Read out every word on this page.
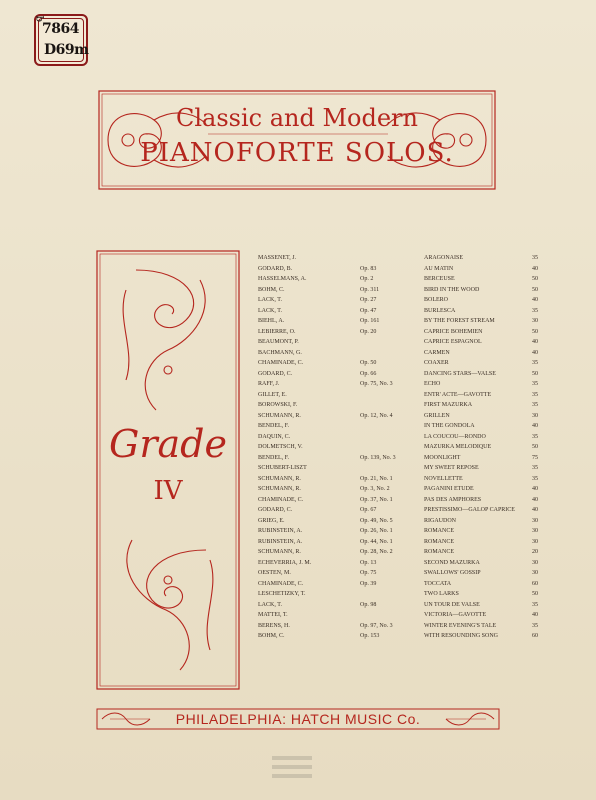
q
7864
D69m
Classic and Modern
PIANOFORTE SOLOS.
Grade
IV
MASSENET, J.	ARAGONAISE	35
GODARD, B.	Op. 83	AU MATIN	40
HASSELMANS, A.	Op. 2	BERCEUSE	50
BOHM, C.	Op. 311	BIRD IN THE WOOD	50
LACK, T.	Op. 27	BOLERO	40
LACK, T.	Op. 47	BURLESCA	35
BIEHL, A.	Op. 161	BY THE FOREST STREAM	30
LEBIERRE, O.	Op. 20	CAPRICE BOHÉMIEN	50
BEAUMONT, P.	CAPRICE ESPAGNOL	40
BACHMANN, G.	CARMEN	40
CHAMINADE, C.	Op. 50	COAXER	35
GODARD, C.	Op. 66	DANCING STARS—VALSE	50
RAFF, J.	Op. 75, No. 3	ECHO	35
GILLET, E.	ENTR' ACTE—GAVOTTE	35
BOROWSKI, F.	FIRST MAZURKA	35
SCHUMANN, R.	Op. 12, No. 4	GRILLEN	30
BENDEL, F.	IN THE GONDOLA	40
DAQUIN, C.	LA COUCOU—RONDO	35
DOLMETSCH, V.	MAZURKA MÉLODIQUE	50
BENDEL, F.	Op. 139, No. 3	MOONLIGHT	75
SCHUBERT-LISZT	MY SWEET REPOSE	35
SCHUMANN, R.	Op. 21, No. 1	NOVELLETTE	35
SCHUMANN, R.	Op. 3, No. 2	PAGANINI ETUDE	40
CHAMINADE, C.	Op. 37, No. 1	PAS DES AMPHORES	40
GODARD, C.	Op. 67	PRESTISSIMO—GALOP CAPRICE	40
GRIEG, E.	Op. 49, No. 5	RIGAUDON	30
RUBINSTEIN, A.	Op. 26, No. 1	ROMANCE	30
RUBINSTEIN, A.	Op. 44, No. 1	ROMANCE	30
SCHUMANN, R.	Op. 28, No. 2	ROMANCE	20
ECHEVERRIA, J. M.	Op. 13	SECOND MAZURKA	30
OESTEN, M.	Op. 75	SWALLOWS' GOSSIP	30
CHAMINADE, C.	Op. 39	TOCCATA	60
LESCHETIZKY, T.	TWO LARKS	50
LACK, T.	Op. 98	UN TOUR DE VALSE	35
MATTEI, T.	VICTORIA—GAVOTTE	40
BERENS, H.	Op. 97, No. 3	WINTER EVENING'S TALE	35
BOHM, C.	Op. 153	WITH RESOUNDING SONG	60
PHILADELPHIA: HATCH MUSIC Co.
